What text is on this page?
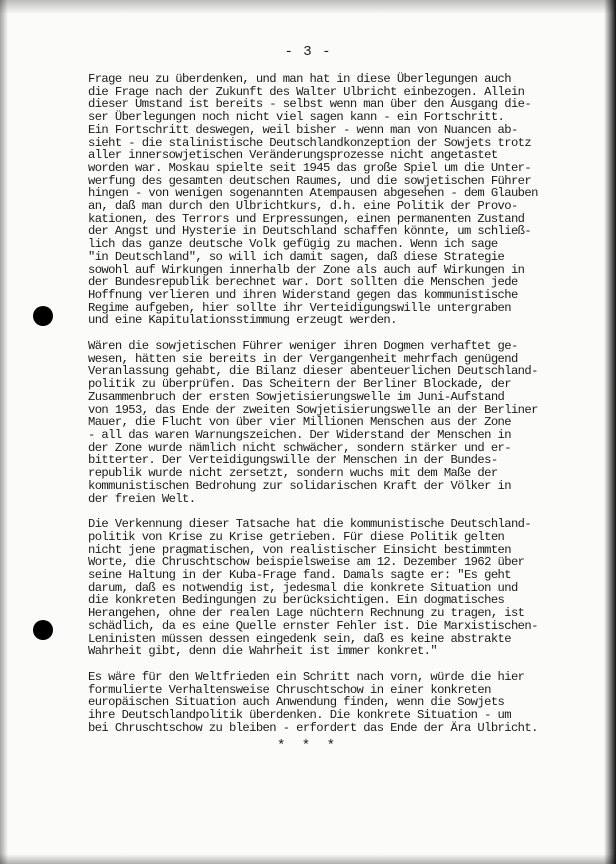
- 3 -
Frage neu zu überdenken, und man hat in diese Überlegungen auch
die Frage nach der Zukunft des Walter Ulbricht einbezogen. Allein
dieser Umstand ist bereits - selbst wenn man über den Ausgang die-
ser Überlegungen noch nicht viel sagen kann - ein Fortschritt.
Ein Fortschritt deswegen, weil bisher - wenn man von Nuancen ab-
sieht - die stalinistische Deutschlandkonzeption der Sowjets trotz
aller innersowjetischen Veränderungsprozesse nicht angetastet
worden war. Moskau spielte seit 1945 das große Spiel um die Unter-
werfung des gesamten deutschen Raumes, und die sowjetischen Führer
hingen - von wenigen sogenannten Atempausen abgesehen - dem Glauben
an, daß man durch den Ulbrichtkurs, d.h. eine Politik der Provo-
kationen, des Terrors und Erpressungen, einen permanenten Zustand
der Angst und Hysterie in Deutschland schaffen könnte, um schließ-
lich das ganze deutsche Volk gefügig zu machen. Wenn ich sage
"in Deutschland", so will ich damit sagen, daß diese Strategie
sowohl auf Wirkungen innerhalb der Zone als auch auf Wirkungen in
der Bundesrepublik berechnet war. Dort sollten die Menschen jede
Hoffnung verlieren und ihren Widerstand gegen das kommunistische
Regime aufgeben, hier sollte ihr Verteidigungswille untergraben
und eine Kapitulationsstimmung erzeugt werden.
Wären die sowjetischen Führer weniger ihren Dogmen verhaftet ge-
wesen, hätten sie bereits in der Vergangenheit mehrfach genügend
Veranlassung gehabt, die Bilanz dieser abenteuerlichen Deutschland-
politik zu überprüfen. Das Scheitern der Berliner Blockade, der
Zusammenbruch der ersten Sowjetisierungswelle im Juni-Aufstand
von 1953, das Ende der zweiten Sowjetisierungswelle an der Berliner
Mauer, die Flucht von über vier Millionen Menschen aus der Zone
- all das waren Warnungszeichen. Der Widerstand der Menschen in
der Zone wurde nämlich nicht schwächer, sondern stärker und er-
bitterter. Der Verteidigungswille der Menschen in der Bundes-
republik wurde nicht zersetzt, sondern wuchs mit dem Maße der
kommunistischen Bedrohung zur solidarischen Kraft der Völker in
der freien Welt.
Die Verkennung dieser Tatsache hat die kommunistische Deutschland-
politik von Krise zu Krise getrieben. Für diese Politik gelten
nicht jene pragmatischen, von realistischer Einsicht bestimmten
Worte, die Chruschtschow beispielsweise am 12. Dezember 1962 über
seine Haltung in der Kuba-Frage fand. Damals sagte er: "Es geht
darum, daß es notwendig ist, jedesmal die konkrete Situation und
die konkreten Bedingungen zu berücksichtigen. Ein dogmatisches
Herangehen, ohne der realen Lage nüchtern Rechnung zu tragen, ist
schädlich, da es eine Quelle ernster Fehler ist. Die Marxistischen-
Leninisten müssen dessen eingedenk sein, daß es keine abstrakte
Wahrheit gibt, denn die Wahrheit ist immer konkret."
Es wäre für den Weltfrieden ein Schritt nach vorn, würde die hier
formulierte Verhaltensweise Chruschtschow in einer konkreten
europäischen Situation auch Anwendung finden, wenn die Sowjets
ihre Deutschlandpolitik überdenken. Die konkrete Situation - um
bei Chruschtschow zu bleiben - erfordert das Ende der Ära Ulbricht.
* * *
